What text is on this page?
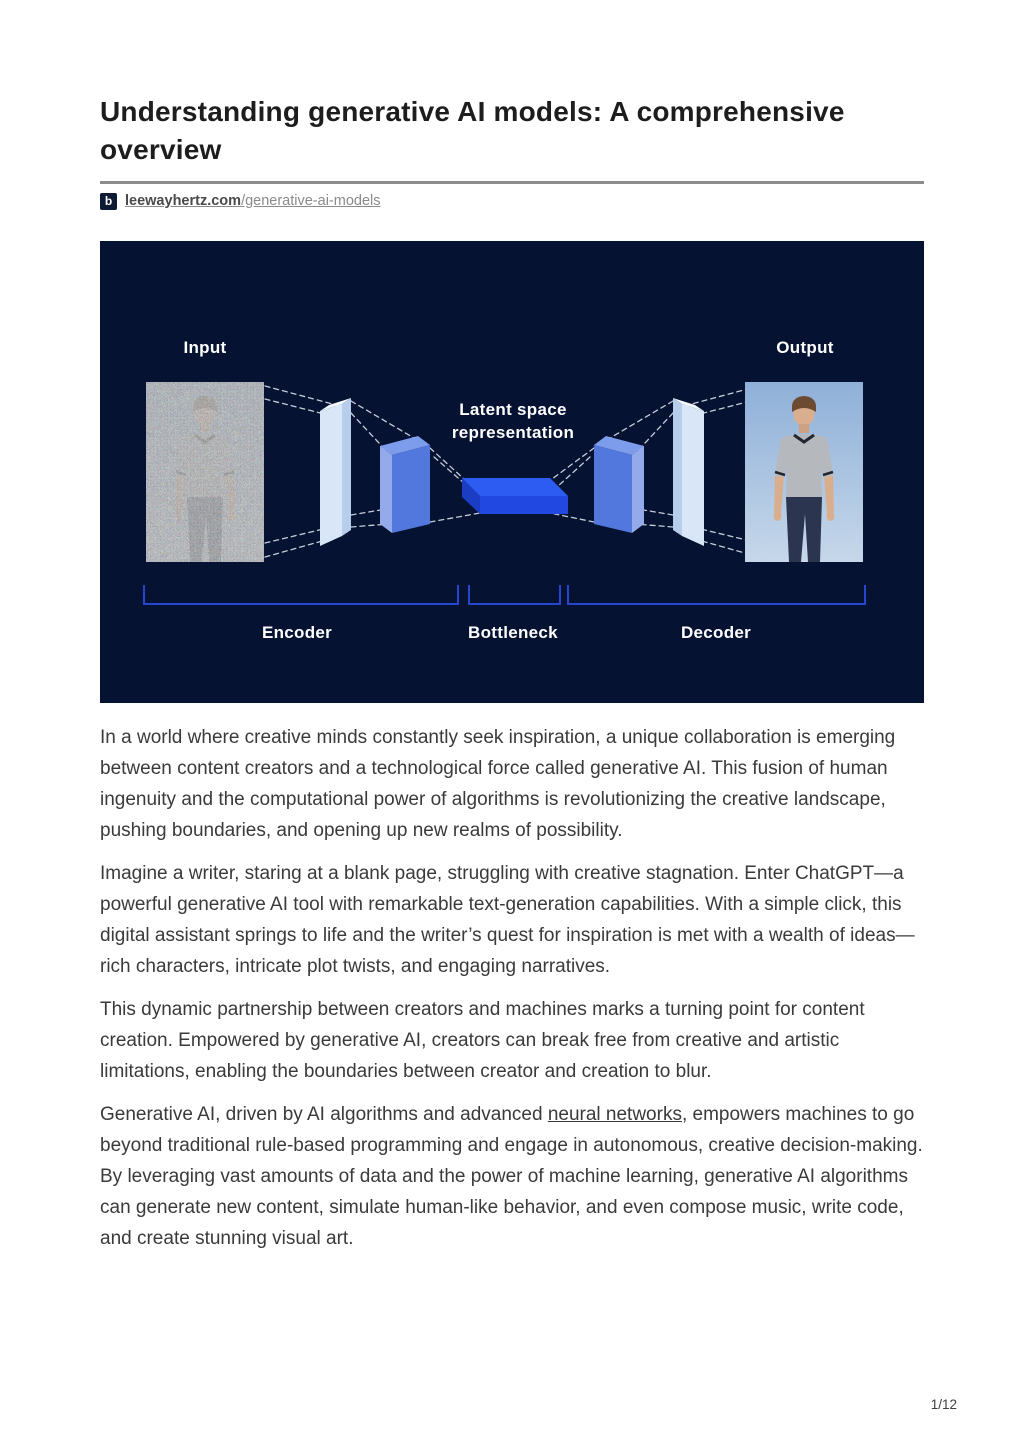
Understanding generative AI models: A comprehensive overview
b leewayhertz.com/generative-ai-models
Input	Output
Latent space
representation
Encoder	Bottleneck	Decoder

In a world where creative minds constantly seek inspiration, a unique collaboration is emerging between content creators and a technological force called generative AI. This fusion of human ingenuity and the computational power of algorithms is revolutionizing the creative landscape, pushing boundaries, and opening up new realms of possibility.

Imagine a writer, staring at a blank page, struggling with creative stagnation. Enter ChatGPT—a powerful generative AI tool with remarkable text-generation capabilities. With a simple click, this digital assistant springs to life and the writer’s quest for inspiration is met with a wealth of ideas—rich characters, intricate plot twists, and engaging narratives.

This dynamic partnership between creators and machines marks a turning point for content creation. Empowered by generative AI, creators can break free from creative and artistic limitations, enabling the boundaries between creator and creation to blur.

Generative AI, driven by AI algorithms and advanced neural networks, empowers machines to go beyond traditional rule-based programming and engage in autonomous, creative decision-making. By leveraging vast amounts of data and the power of machine learning, generative AI algorithms can generate new content, simulate human-like behavior, and even compose music, write code, and create stunning visual art.

1/12
